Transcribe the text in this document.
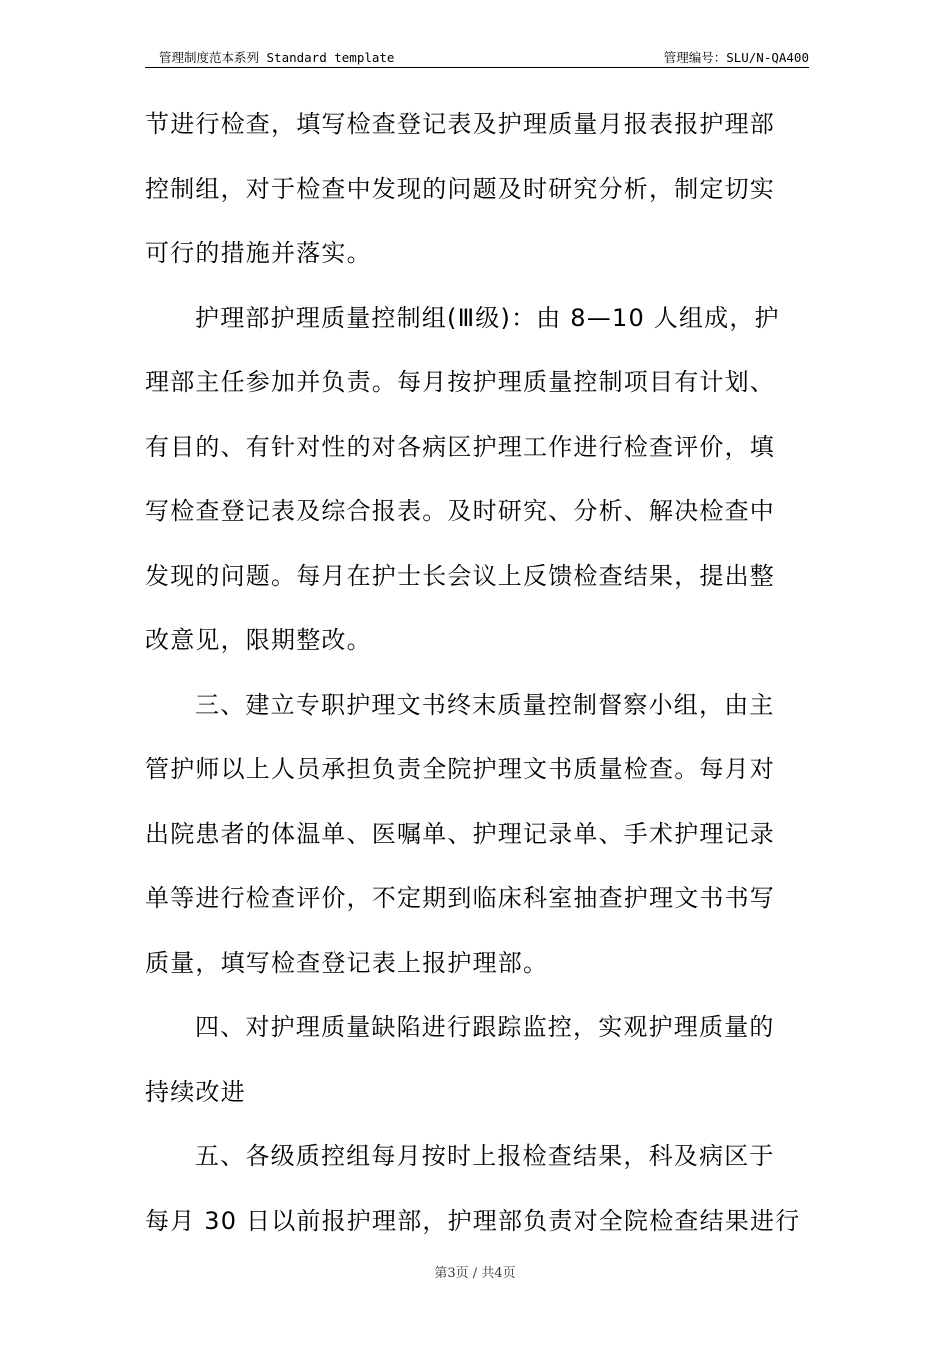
管理制度范本系列 Standard template	管理编号：SLU/N-QA400
节进行检查，填写检查登记表及护理质量月报表报护理部
控制组，对于检查中发现的问题及时研究分析，制定切实
可行的措施并落实。
护理部护理质量控制组(Ⅲ级)：由 8—10 人组成，护
理部主任参加并负责。每月按护理质量控制项目有计划、
有目的、有针对性的对各病区护理工作进行检查评价，填
写检查登记表及综合报表。及时研究、分析、解决检查中
发现的问题。每月在护士长会议上反馈检查结果，提出整
改意见，限期整改。
三、建立专职护理文书终末质量控制督察小组，由主
管护师以上人员承担负责全院护理文书质量检查。每月对
出院患者的体温单、医嘱单、护理记录单、手术护理记录
单等进行检查评价，不定期到临床科室抽查护理文书书写
质量，填写检查登记表上报护理部。
四、对护理质量缺陷进行跟踪监控，实观护理质量的
持续改进
五、各级质控组每月按时上报检查结果，科及病区于
每月 30 日以前报护理部，护理部负责对全院检查结果进行
第3页 / 共4页
